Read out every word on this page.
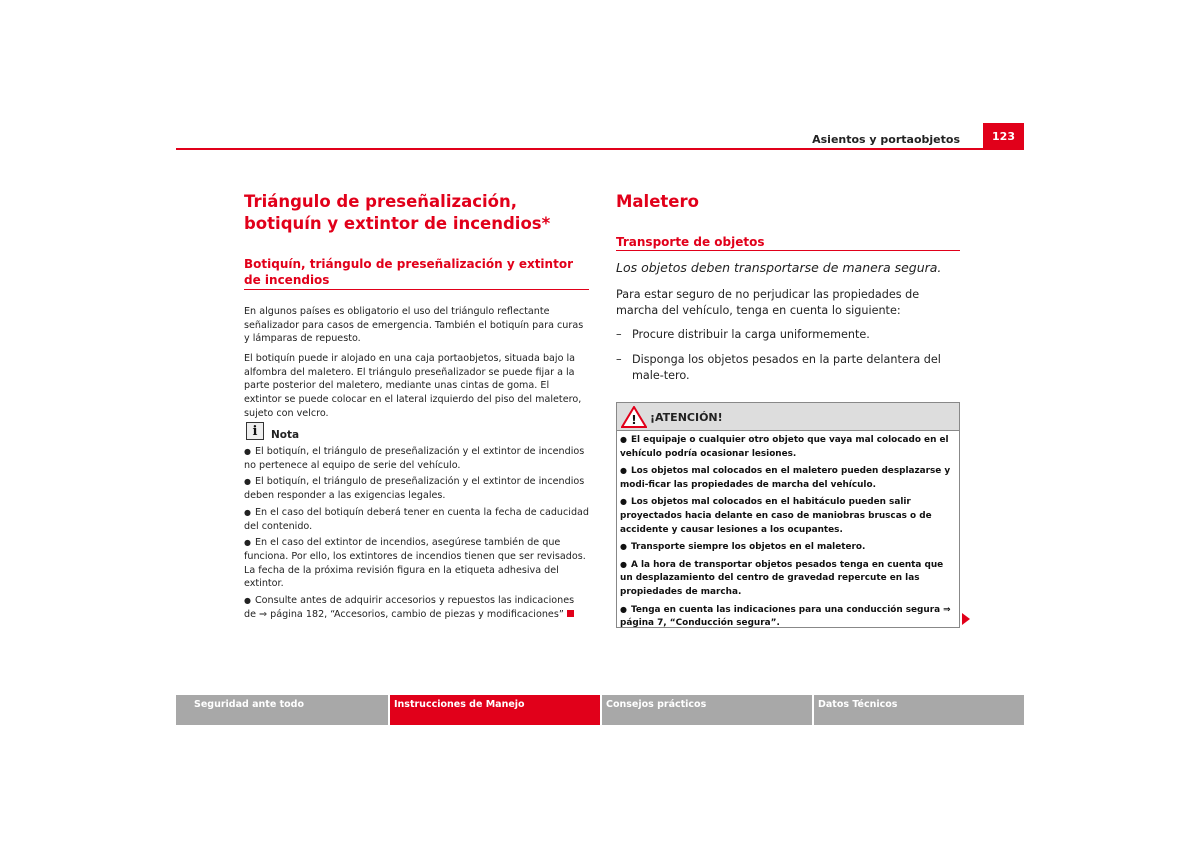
Asientos y portaobjetos	123
Triángulo de preseñalización, botiquín y extintor de incendios*
Botiquín, triángulo de preseñalización y extintor de incendios
En algunos países es obligatorio el uso del triángulo reflectante señalizador para casos de emergencia. También el botiquín para curas y lámparas de repuesto.
El botiquín puede ir alojado en una caja portaobjetos, situada bajo la alfombra del maletero. El triángulo preseñalizador se puede fijar a la parte posterior del maletero, mediante unas cintas de goma. El extintor se puede colocar en el lateral izquierdo del piso del maletero, sujeto con velcro.
i	Nota
● El botiquín, el triángulo de preseñalización y el extintor de incendios no pertenece al equipo de serie del vehículo.
● El botiquín, el triángulo de preseñalización y el extintor de incendios deben responder a las exigencias legales.
● En el caso del botiquín deberá tener en cuenta la fecha de caducidad del contenido.
● En el caso del extintor de incendios, asegúrese también de que funciona. Por ello, los extintores de incendios tienen que ser revisados. La fecha de la próxima revisión figura en la etiqueta adhesiva del extintor.
● Consulte antes de adquirir accesorios y repuestos las indicaciones de ⇒ página 182, “Accesorios, cambio de piezas y modificaciones”
Maletero
Transporte de objetos
Los objetos deben transportarse de manera segura.
Para estar seguro de no perjudicar las propiedades de marcha del vehículo, tenga en cuenta lo siguiente:
– Procure distribuir la carga uniformemente.
– Disponga los objetos pesados en la parte delantera del male-tero.
! ¡ATENCIÓN!
● El equipaje o cualquier otro objeto que vaya mal colocado en el vehículo podría ocasionar lesiones.
● Los objetos mal colocados en el maletero pueden desplazarse y modi-ficar las propiedades de marcha del vehículo.
● Los objetos mal colocados en el habitáculo pueden salir proyectados hacia delante en caso de maniobras bruscas o de accidente y causar lesiones a los ocupantes.
● Transporte siempre los objetos en el maletero.
● A la hora de transportar objetos pesados tenga en cuenta que un desplazamiento del centro de gravedad repercute en las propiedades de marcha.
● Tenga en cuenta las indicaciones para una conducción segura ⇒ página 7, “Conducción segura”.
Seguridad ante todo	Instrucciones de Manejo	Consejos prácticos	Datos Técnicos
